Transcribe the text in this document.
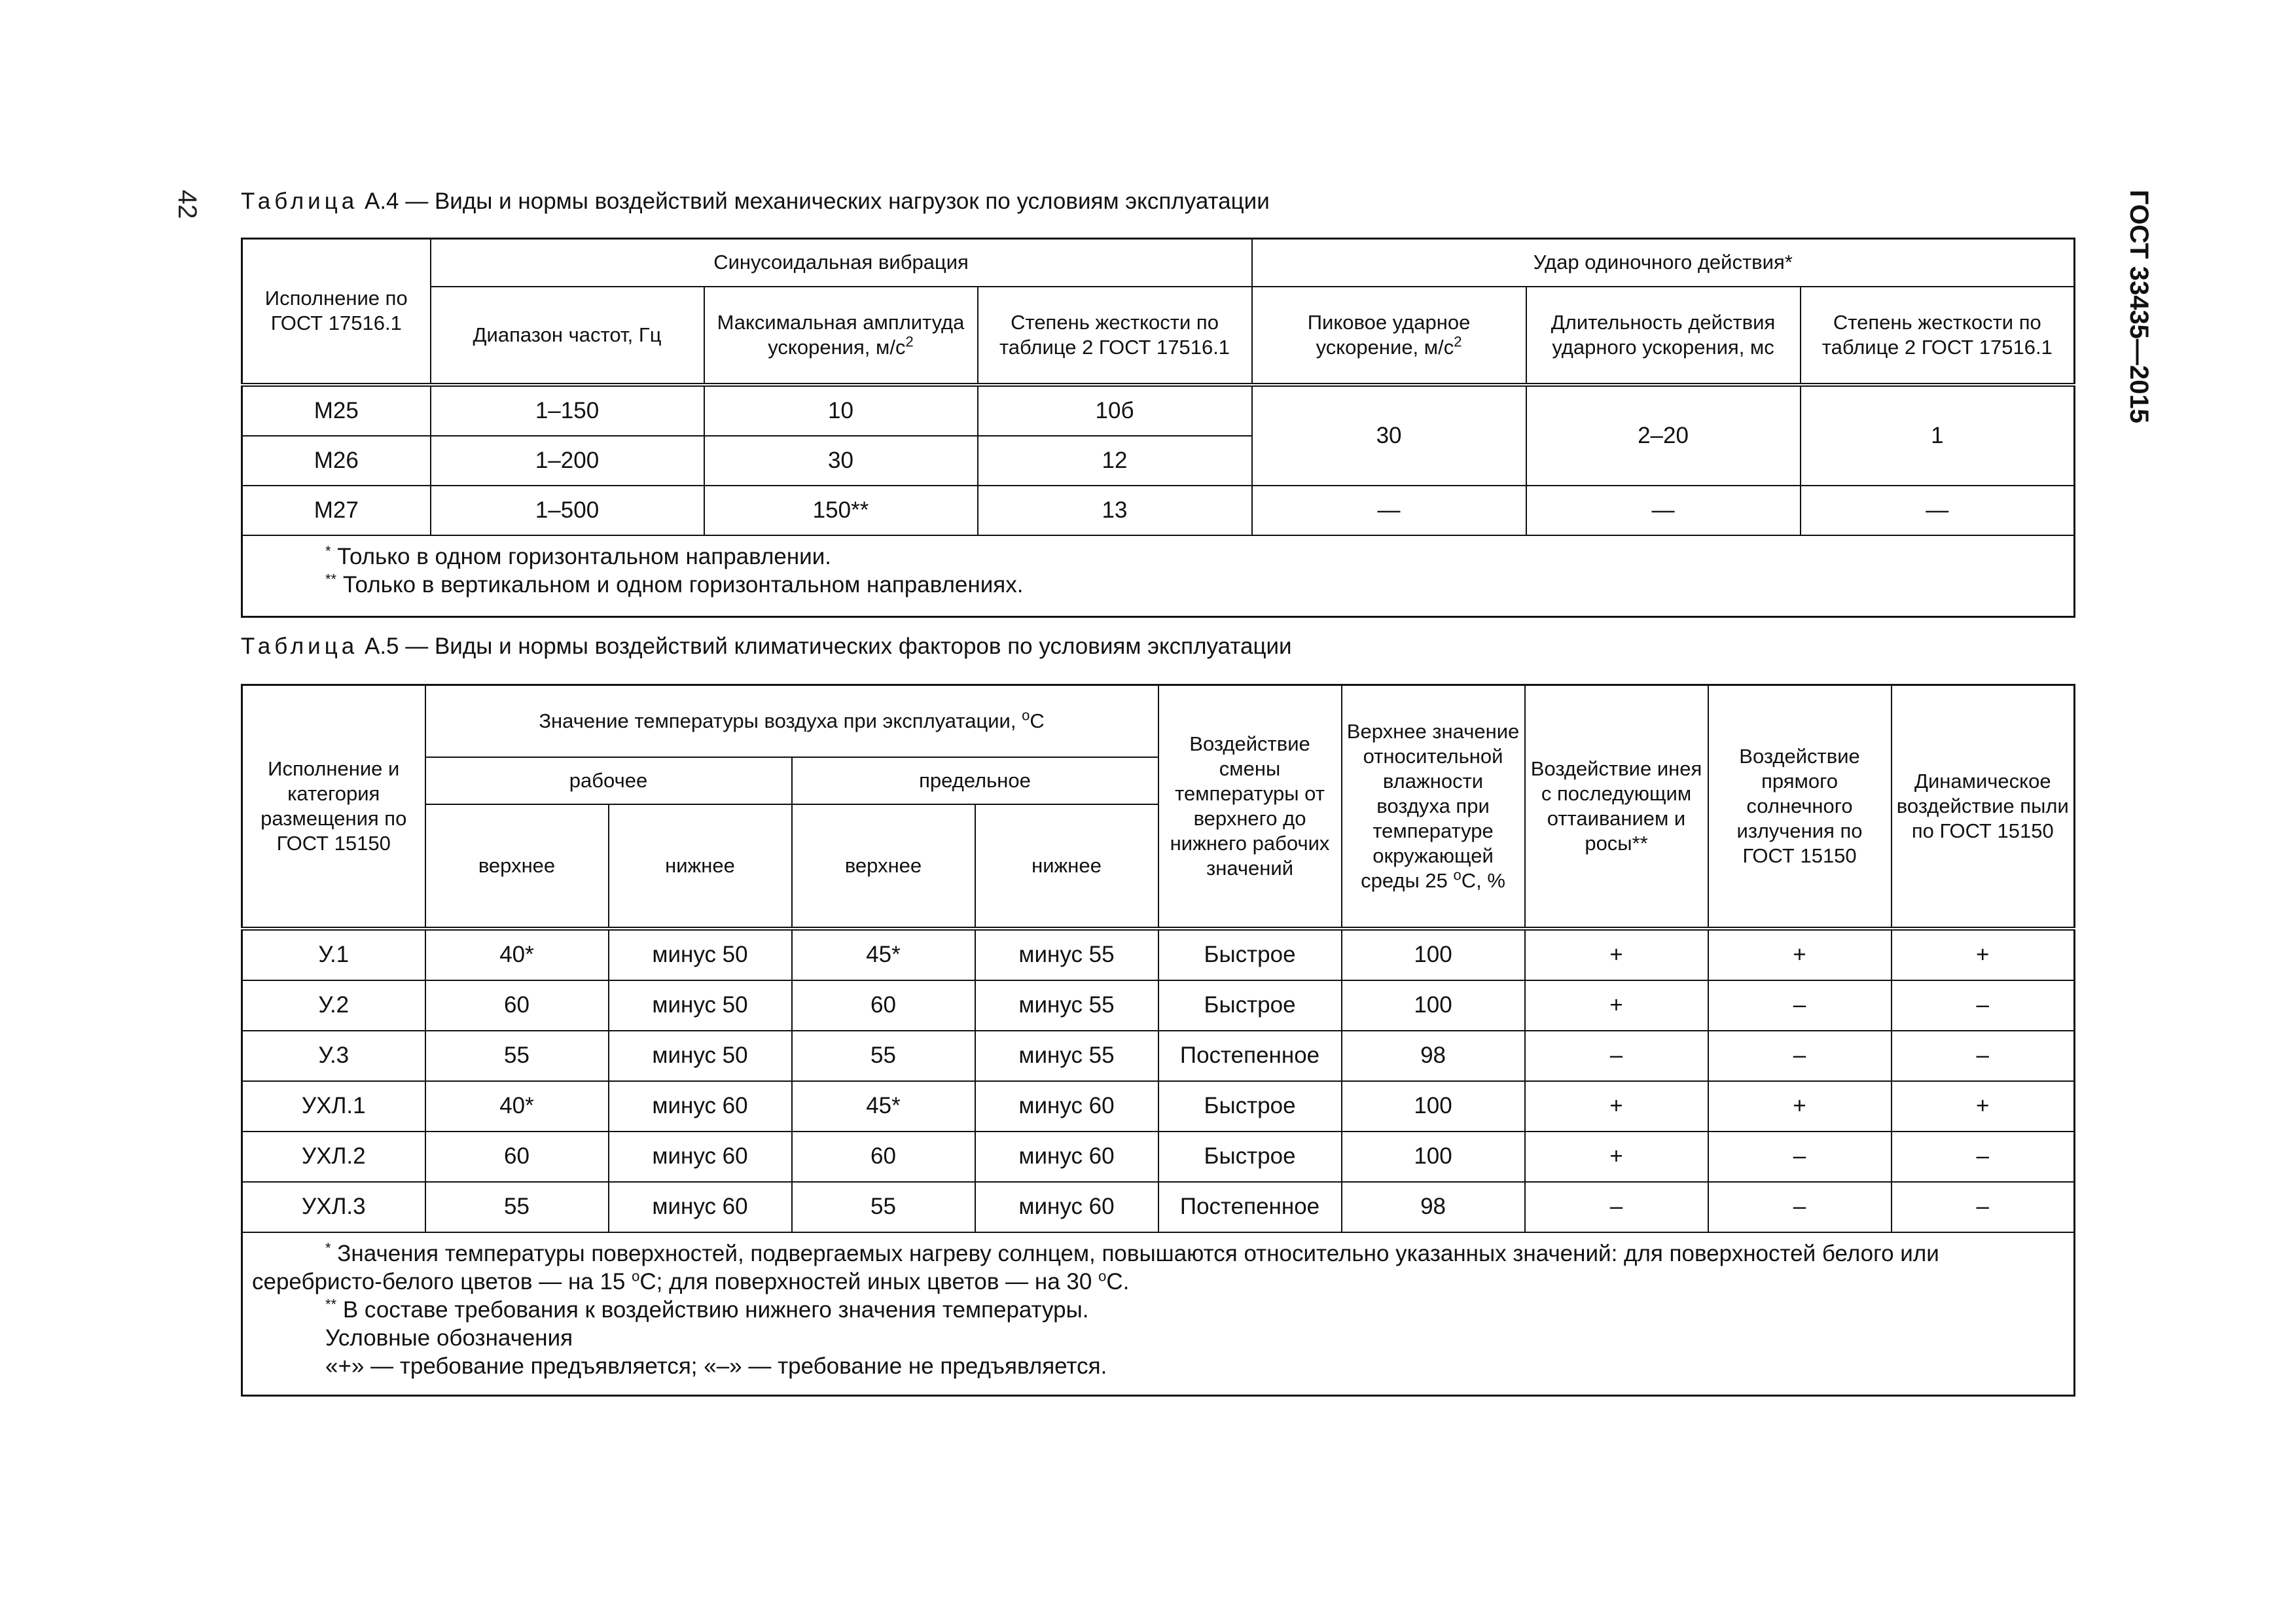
42	ГОСТ 33435—2015
Таблица А.4 — Виды и нормы воздействий механических нагрузок по условиям эксплуатации
Исполнение по ГОСТ 17516.1	Синусоидальная вибрация			Удар одиночного действия*		
	Диапазон частот, Гц	Максимальная амплитуда ускорения, $м/с^2$	Степень жесткости по таблице 2 ГОСТ 17516.1	Пиковое ударное ускорение, $м/с^2$	Длительность действия ударного ускорения, мс	Степень жесткости по таблице 2 ГОСТ 17516.1
М25	1–150	10	10б	30	2–20	1
М26	1–200	30	12			
М27	1–500	150**	13	—	—	—

* Только в одном горизонтальном направлении.
** Только в вертикальном и одном горизонтальном направлениях.						
Таблица А.5 — Виды и нормы воздействий климатических факторов по условиям эксплуатации
Исполнение и категория размещения по ГОСТ 15150	Значение температуры воздуха при эксплуатации, $^о$С				Воздействие смены температуры от верхнего до нижнего рабочих значений	Верхнее значение относительной влажности воздуха при температуре окружающей среды 25 $^о$С, %	Воздействие инея с последующим оттаиванием и росы**	Воздействие прямого солнечного излучения по ГОСТ 15150	Динамическое воздействие пыли по ГОСТ 15150
	рабочее		предельное						
	верхнее	нижнее	верхнее	нижнее					
У.1	40*	минус 50	45*	минус 55	Быстрое	100	+	+	+
У.2	60	минус 50	60	минус 55	Быстрое	100	+	–	–
У.3	55	минус 50	55	минус 55	Постепенное	98	–	–	–
УХЛ.1	40*	минус 60	45*	минус 60	Быстрое	100	+	+	+
УХЛ.2	60	минус 60	60	минус 60	Быстрое	100	+	–	–
УХЛ.3	55	минус 60	55	минус 60	Постепенное	98	–	–	–

* Значения температуры поверхностей, подвергаемых нагреву солнцем, повышаются относительно указанных значений: для поверхностей белого или серебристо-белого цветов — на 15 $^о$С; для поверхностей иных цветов — на 30 $^о$С.
** В составе требования к воздействию нижнего значения температуры.
Условные обозначения
«+» — требование предъявляется; «–» — требование не предъявляется.									
